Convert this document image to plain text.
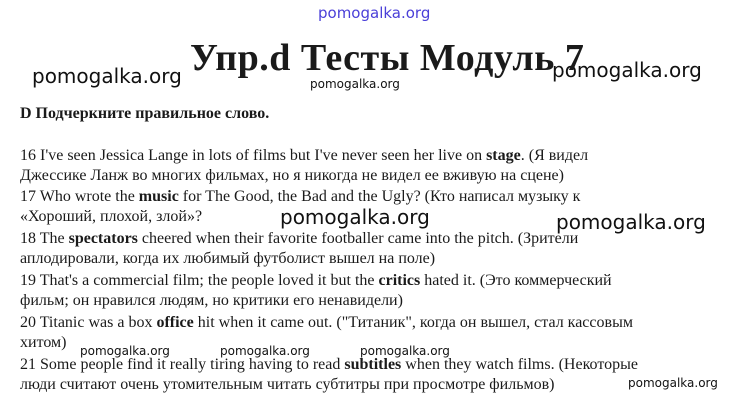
pomogalka.org
pomogalka.org	pomogalka.org
pomogalka.org
pomogalka.org	pomogalka.org
pomogalka.org	pomogalka.org	pomogalka.org
pomogalka.org
Упр.d Тесты Модуль 7
D Подчеркните правильное слово.
16 I've seen Jessica Lange in lots of films but I've never seen her live on stage. (Я видел
Джессике Ланж во многих фильмах, но я никогда не видел ее вживую на сцене)
17 Who wrote the music for The Good, the Bad and the Ugly? (Кто написал музыку к
«Хороший, плохой, злой»?
18 The spectators cheered when their favorite footballer came into the pitch. (Зрители
аплодировали, когда их любимый футболист вышел на поле)
19 That's a commercial film; the people loved it but the critics hated it. (Это коммерческий
фильм; он нравился людям, но критики его ненавидели)
20 Titanic was a box office hit when it came out. ("Титаник", когда он вышел, стал кассовым
хитом)
21 Some people find it really tiring having to read subtitles when they watch films. (Некоторые
люди считают очень утомительным читать субтитры при просмотре фильмов)
